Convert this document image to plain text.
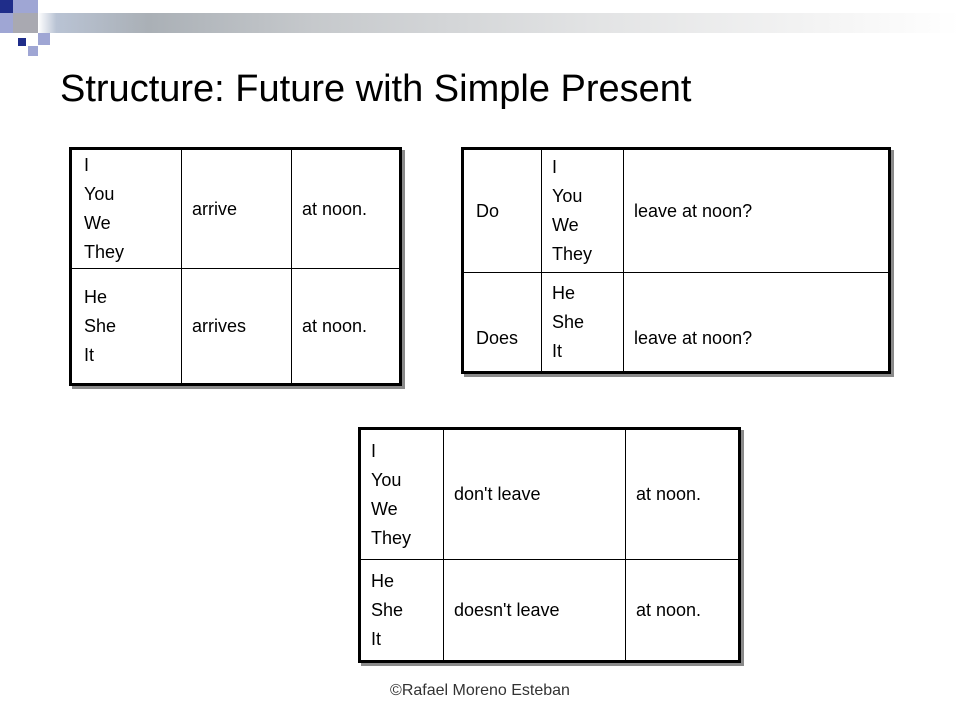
Structure: Future with Simple Present
I
You
We
They	arrive	at noon.

He
She
It	arrives	at noon.
Do	I
You
We
They	leave at noon?
Does	He
She
It	leave at noon?
I
You
We
They	don't leave	at noon.

He
She
It	doesn't leave	at noon.
©Rafael Moreno Esteban
